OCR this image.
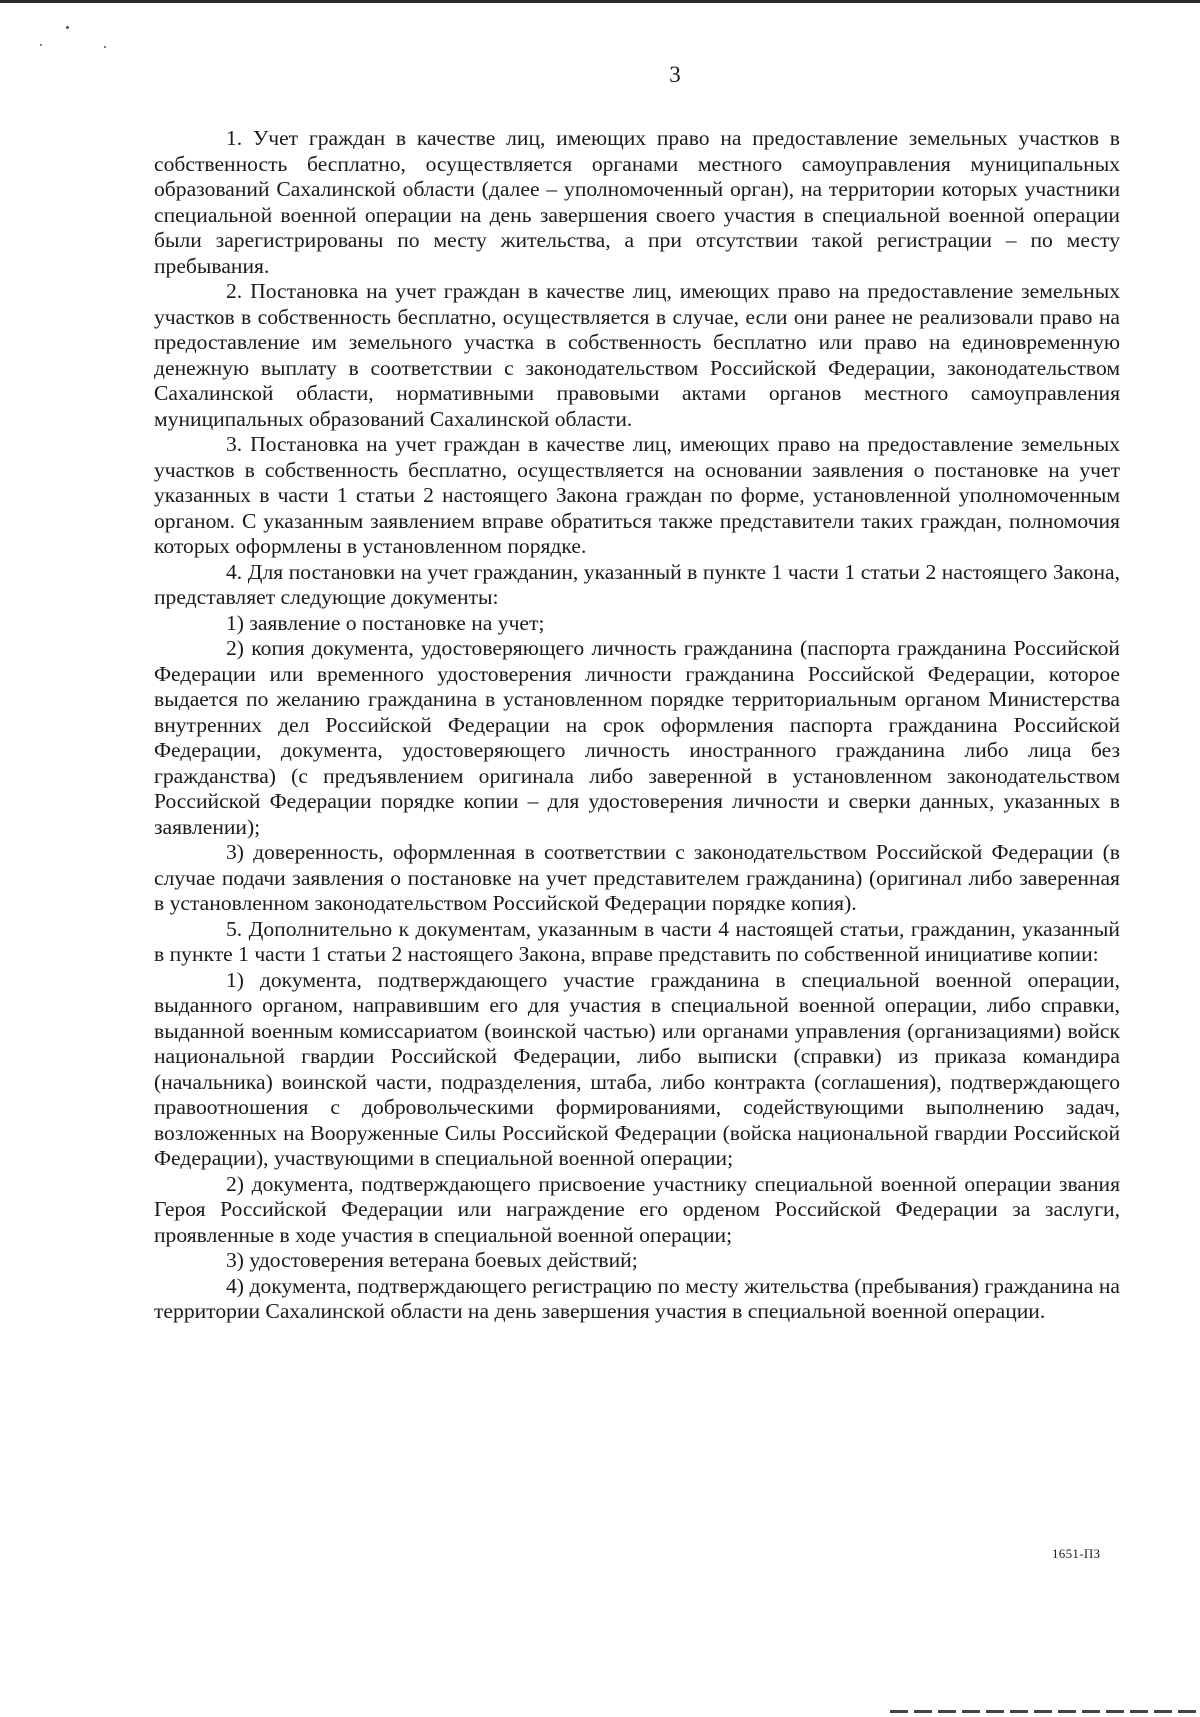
3

1. Учет граждан в качестве лиц, имеющих право на предоставление земельных участков в собственность бесплатно, осуществляется органами местного самоуправления муниципальных образований Сахалинской области (далее – уполномоченный орган), на территории которых участники специальной военной операции на день завершения своего участия в специальной военной операции были зарегистрированы по месту жительства, а при отсутствии такой регистрации – по месту пребывания.

2. Постановка на учет граждан в качестве лиц, имеющих право на предоставление земельных участков в собственность бесплатно, осуществляется в случае, если они ранее не реализовали право на предоставление им земельного участка в собственность бесплатно или право на единовременную денежную выплату в соответствии с законодательством Российской Федерации, законодательством Сахалинской области, нормативными правовыми актами органов местного самоуправления муниципальных образований Сахалинской области.

3. Постановка на учет граждан в качестве лиц, имеющих право на предоставление земельных участков в собственность бесплатно, осуществляется на основании заявления о постановке на учет указанных в части 1 статьи 2 настоящего Закона граждан по форме, установленной уполномоченным органом. С указанным заявлением вправе обратиться также представители таких граждан, полномочия которых оформлены в установленном порядке.

4. Для постановки на учет гражданин, указанный в пункте 1 части 1 статьи 2 настоящего Закона, представляет следующие документы:

1) заявление о постановке на учет;

2) копия документа, удостоверяющего личность гражданина (паспорта гражданина Российской Федерации или временного удостоверения личности гражданина Российской Федерации, которое выдается по желанию гражданина в установленном порядке территориальным органом Министерства внутренних дел Российской Федерации на срок оформления паспорта гражданина Российской Федерации, документа, удостоверяющего личность иностранного гражданина либо лица без гражданства) (с предъявлением оригинала либо заверенной в установленном законодательством Российской Федерации порядке копии – для удостоверения личности и сверки данных, указанных в заявлении);

3) доверенность, оформленная в соответствии с законодательством Российской Федерации (в случае подачи заявления о постановке на учет представителем гражданина) (оригинал либо заверенная в установленном законодательством Российской Федерации порядке копия).

5. Дополнительно к документам, указанным в части 4 настоящей статьи, гражданин, указанный в пункте 1 части 1 статьи 2 настоящего Закона, вправе представить по собственной инициативе копии:

1) документа, подтверждающего участие гражданина в специальной военной операции, выданного органом, направившим его для участия в специальной военной операции, либо справки, выданной военным комиссариатом (воинской частью) или органами управления (организациями) войск национальной гвардии Российской Федерации, либо выписки (справки) из приказа командира (начальника) воинской части, подразделения, штаба, либо контракта (соглашения), подтверждающего правоотношения с добровольческими формированиями, содействующими выполнению задач, возложенных на Вооруженные Силы Российской Федерации (войска национальной гвардии Российской Федерации), участвующими в специальной военной операции;

2) документа, подтверждающего присвоение участнику специальной военной операции звания Героя Российской Федерации или награждение его орденом Российской Федерации за заслуги, проявленные в ходе участия в специальной военной операции;

3) удостоверения ветерана боевых действий;

4) документа, подтверждающего регистрацию по месту жительства (пребывания) гражданина на территории Сахалинской области на день завершения участия в специальной военной операции.

1651-ПЗ
